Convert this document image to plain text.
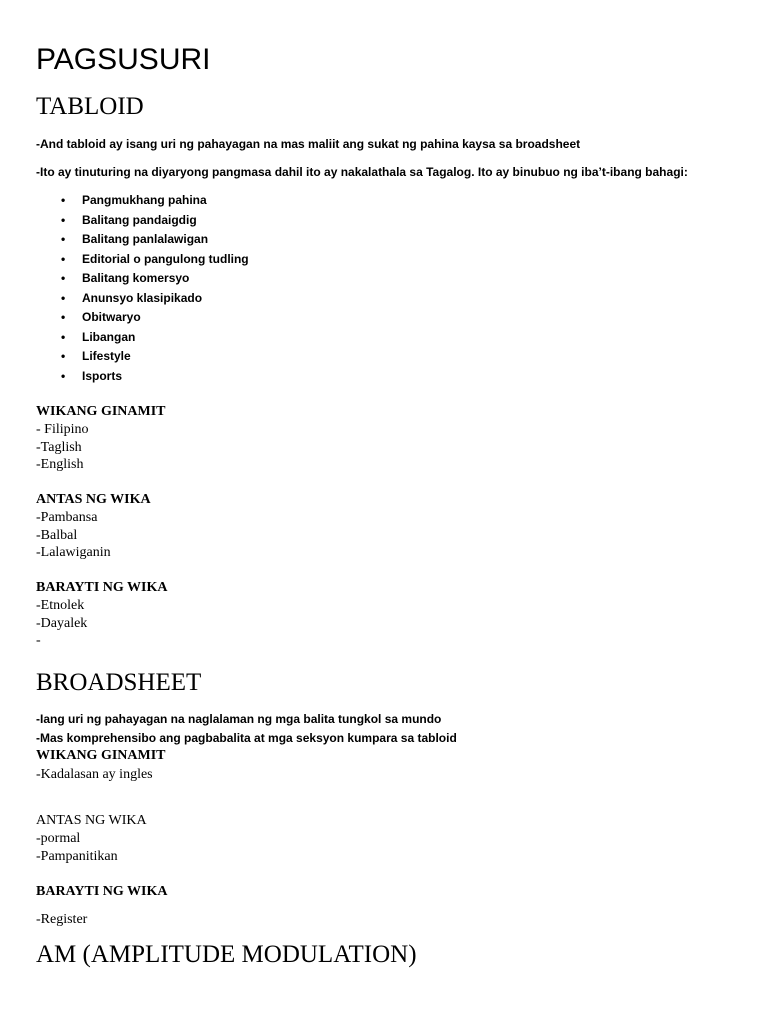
PAGSUSURI
TABLOID
-And tabloid ay isang uri ng pahayagan na mas maliit ang sukat ng pahina kaysa sa broadsheet
-Ito ay tinuturing na diyaryong pangmasa dahil ito ay nakalathala sa Tagalog. Ito ay binubuo ng iba’t-ibang bahagi:
• Pangmukhang pahina
• Balitang pandaigdig
• Balitang panlalawigan
• Editorial o pangulong tudling
• Balitang komersyo
• Anunsyo klasipikado
• Obitwaryo
• Libangan
• Lifestyle
• Isports
WIKANG GINAMIT
- Filipino
-Taglish
-English
ANTAS NG WIKA
-Pambansa
-Balbal
-Lalawiganin
BARAYTI NG WIKA
-Etnolek
-Dayalek
-
BROADSHEET
-Iang uri ng pahayagan na naglalaman ng mga balita tungkol sa mundo
-Mas komprehensibo ang pagbabalita at mga seksyon kumpara sa tabloid
WIKANG GINAMIT
-Kadalasan ay ingles
ANTAS NG WIKA
-pormal
-Pampanitikan
BARAYTI NG WIKA
-Register
AM (AMPLITUDE MODULATION)
